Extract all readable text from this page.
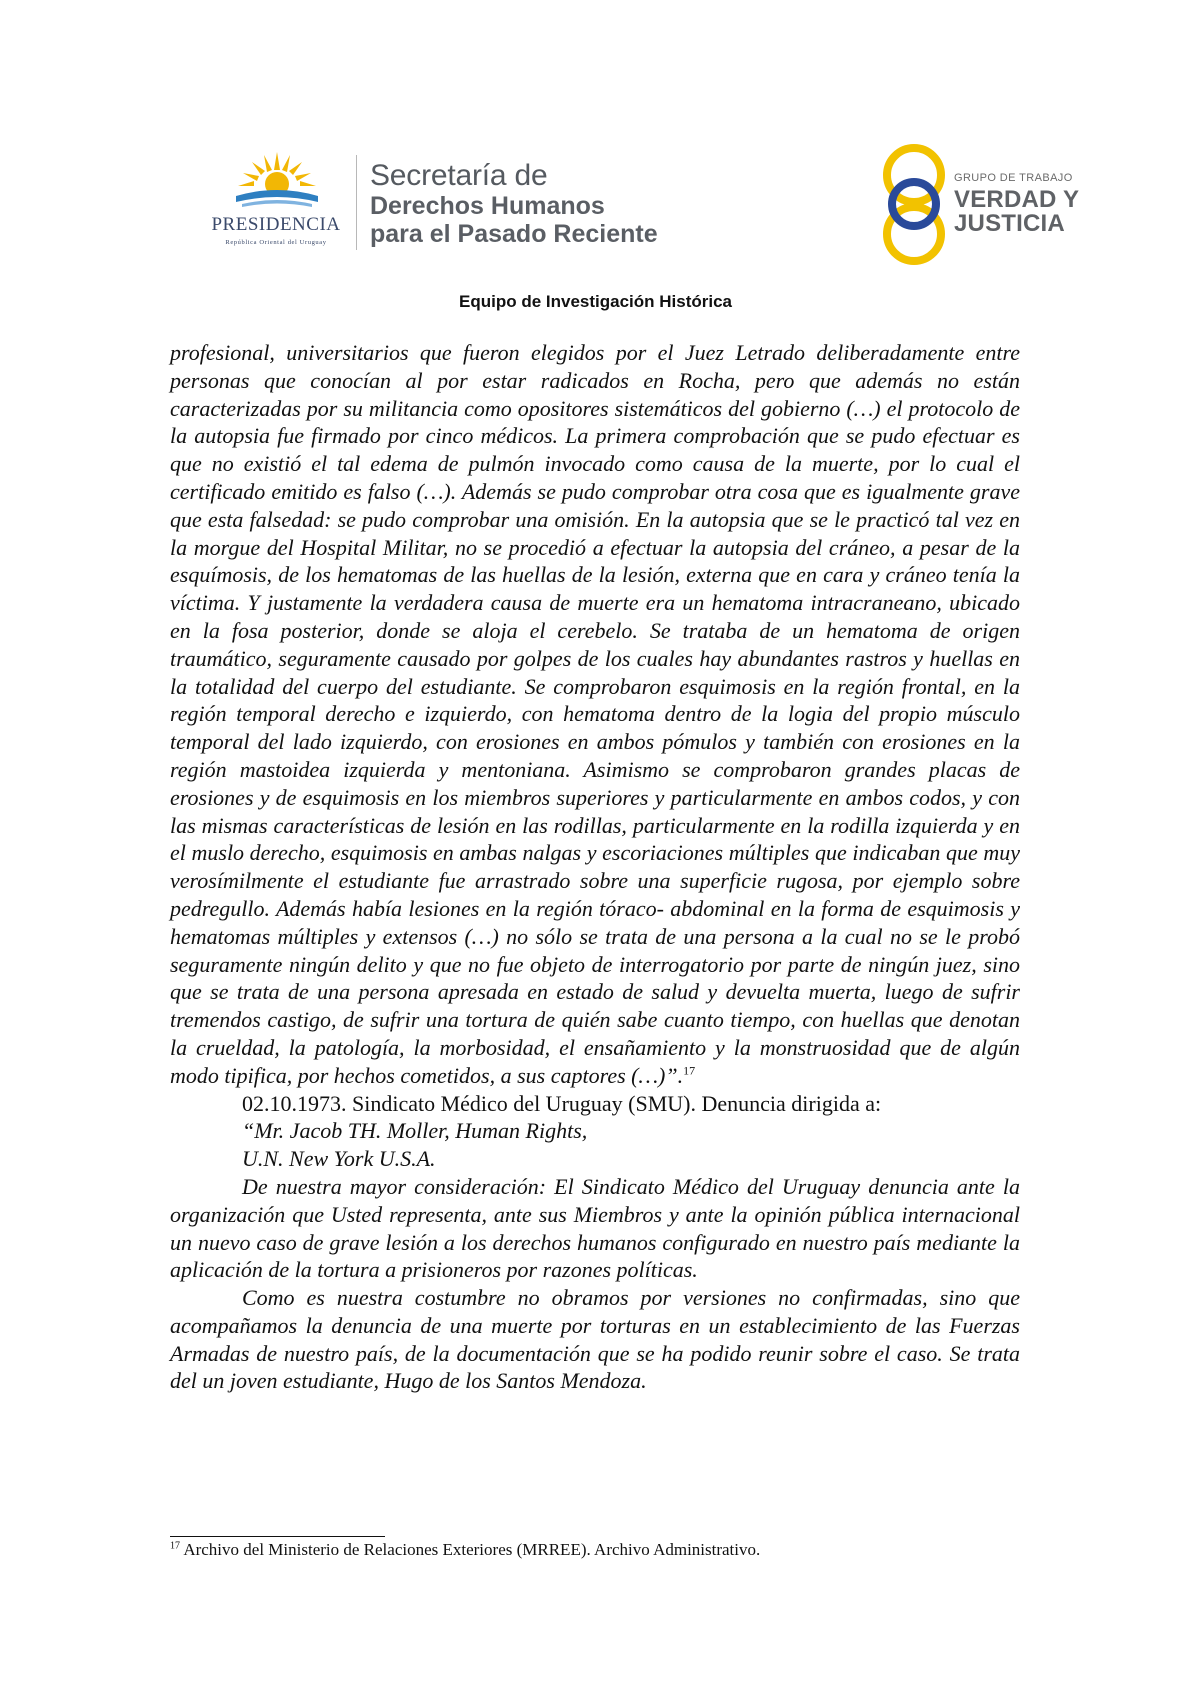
PRESIDENCIA
República Oriental del Uruguay
Secretaría de
Derechos Humanos
para el Pasado Reciente
GRUPO DE TRABAJO
VERDAD Y
JUSTICIA
Equipo de Investigación Histórica

profesional, universitarios que fueron elegidos por el Juez Letrado deliberadamente entre personas que conocían al por estar radicados en Rocha, pero que además no están caracterizadas por su militancia como opositores sistemáticos del gobierno (…) el protocolo de la autopsia fue firmado por cinco médicos. La primera comprobación que se pudo efectuar es que no existió el tal edema de pulmón invocado como causa de la muerte, por lo cual el certificado emitido es falso (…). Además se pudo comprobar otra cosa que es igualmente grave que esta falsedad: se pudo comprobar una omisión. En la autopsia que se le practicó tal vez en la morgue del Hospital Militar, no se procedió a efectuar la autopsia del cráneo, a pesar de la esquímosis, de los hematomas de las huellas de la lesión, externa que en cara y cráneo tenía la víctima. Y justamente la verdadera causa de muerte era un hematoma intracraneano, ubicado en la fosa posterior, donde se aloja el cerebelo. Se trataba de un hematoma de origen traumático, seguramente causado por golpes de los cuales hay abundantes rastros y huellas en la totalidad del cuerpo del estudiante. Se comprobaron esquimosis en la región frontal, en la región temporal derecho e izquierdo, con hematoma dentro de la logia del propio músculo temporal del lado izquierdo, con erosiones en ambos pómulos y también con erosiones en la región mastoidea izquierda y mentoniana. Asimismo se comprobaron grandes placas de erosiones y de esquimosis en los miembros superiores y particularmente en ambos codos, y con las mismas características de lesión en las rodillas, particularmente en la rodilla izquierda y en el muslo derecho, esquimosis en ambas nalgas y escoriaciones múltiples que indicaban que muy verosímilmente el estudiante fue arrastrado sobre una superficie rugosa, por ejemplo sobre pedregullo. Además había lesiones en la región tóraco- abdominal en la forma de esquimosis y hematomas múltiples y extensos (…) no sólo se trata de una persona a la cual no se le probó seguramente ningún delito y que no fue objeto de interrogatorio por parte de ningún juez, sino que se trata de una persona apresada en estado de salud y devuelta muerta, luego de sufrir tremendos castigo, de sufrir una tortura de quién sabe cuanto tiempo, con huellas que denotan la crueldad, la patología, la morbosidad, el ensañamiento y la monstruosidad que de algún modo tipifica, por hechos cometidos, a sus captores (…)”.$^{17}$

02.10.1973. Sindicato Médico del Uruguay (SMU). Denuncia dirigida a:

“Mr. Jacob TH. Moller, Human Rights,

U.N. New York U.S.A.

De nuestra mayor consideración: El Sindicato Médico del Uruguay denuncia ante la organización que Usted representa, ante sus Miembros y ante la opinión pública internacional un nuevo caso de grave lesión a los derechos humanos configurado en nuestro país mediante la aplicación de la tortura a prisioneros por razones políticas.

Como es nuestra costumbre no obramos por versiones no confirmadas, sino que acompañamos la denuncia de una muerte por torturas en un establecimiento de las Fuerzas Armadas de nuestro país, de la documentación que se ha podido reunir sobre el caso. Se trata del un joven estudiante, Hugo de los Santos Mendoza.

$^{17}$ Archivo del Ministerio de Relaciones Exteriores (MRREE). Archivo Administrativo.
